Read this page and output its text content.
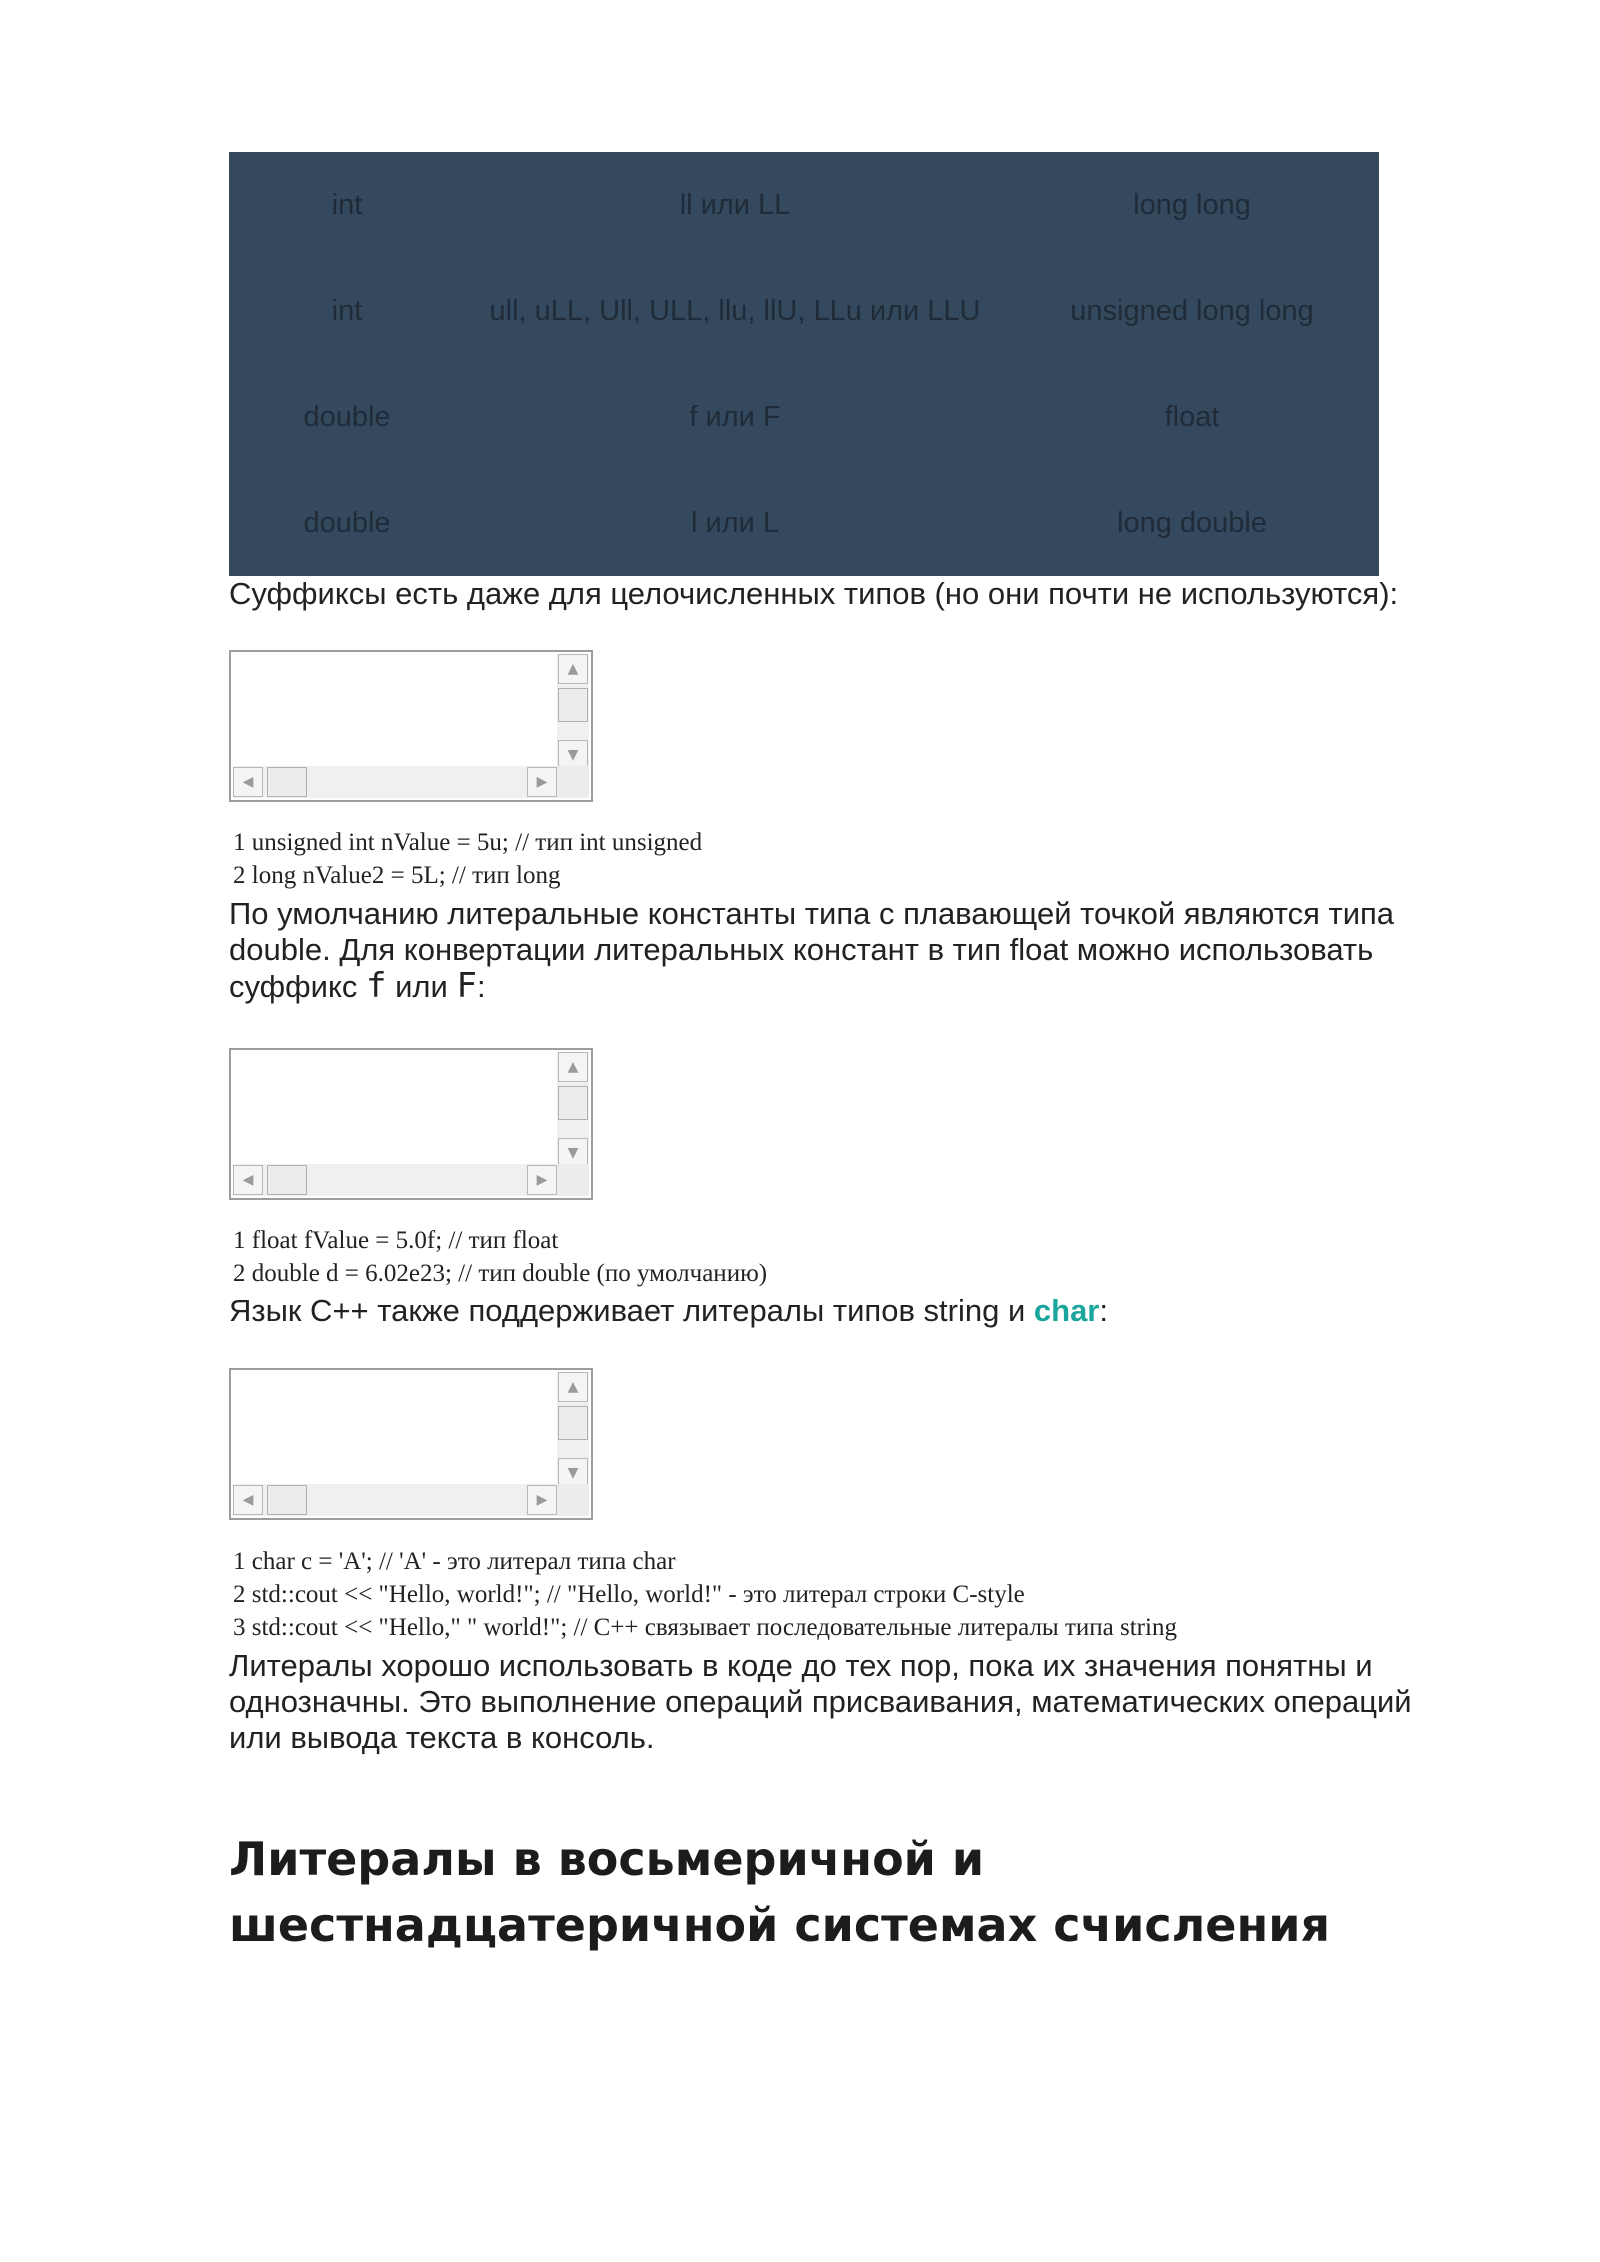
int	ll или LL	long long
int	ull, uLL, Ull, ULL, llu, llU, LLu или LLU	unsigned long long
double	f или F	float
double	l или L	long double

Суффиксы есть даже для целочисленных типов (но они почти не используются):

▲
▼
◀	▶
1 unsigned int nValue = 5u; // тип int unsigned
2 long nValue2 = 5L; // тип long
По умолчанию литеральные константы типа с плавающей точкой являются типа
double. Для конвертации литеральных констант в тип float можно использовать
суффикс f или F:
▲
▼
◀	▶
1 float fValue = 5.0f; // тип float
2 double d = 6.02e23; // тип double (по умолчанию)
Язык C++ также поддерживает литералы типов string и char:
▲
▼
◀	▶
1 char c = 'A'; // 'A' - это литерал типа char
2 std::cout << "Hello, world!"; // "Hello, world!" - это литерал строки C-style
3 std::cout << "Hello," " world!"; // C++ связывает последовательные литералы типа string
Литералы хорошо использовать в коде до тех пор, пока их значения понятны и
однозначны. Это выполнение операций присваивания, математических операций
или вывода текста в консоль.
Литералы в восьмеричной и
шестнадцатеричной системах счисления
